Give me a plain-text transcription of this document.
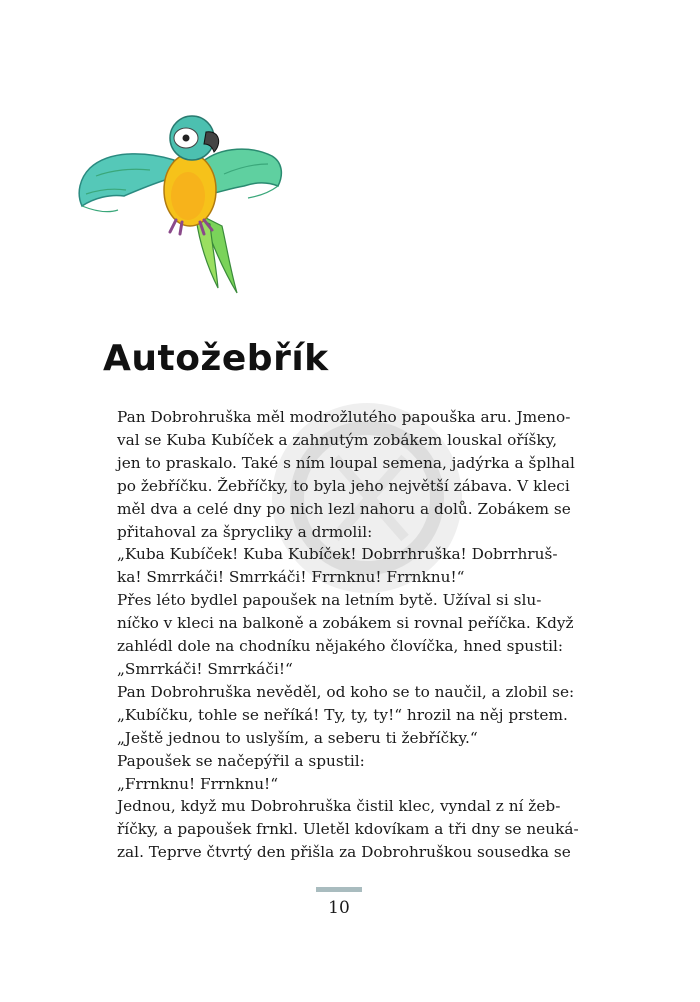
Autožebřík

Pan Dobrohruška měl modrožlutého papouška aru. Jmeno-
val se Kuba Kubíček a zahnutým zobákem louskal oříšky,
jen to praskalo. Také s ním loupal semena, jadýrka a šplhal
po žebříčku. Žebříčky, to byla jeho největší zábava. V kleci
měl dva a celé dny po nich lezl nahoru a dolů. Zobákem se
přitahoval za šprycliky a drmolil:

„Kuba Kubíček! Kuba Kubíček! Dobrrhruška! Dobrrhruš-
ka! Smrrkáči! Smrrkáči! Frrnknu! Frrnknu!“

Přes léto bydlel papoušek na letním bytě. Užíval si slu-
níčko v kleci na balkoně a zobákem si rovnal peříčka. Když
zahlédl dole na chodníku nějakého človíčka, hned spustil:

„Smrrkáči! Smrrkáči!“

Pan Dobrohruška nevěděl, od koho se to naučil, a zlobil se:

„Kubíčku, tohle se neříká! Ty, ty, ty!“ hrozil na něj prstem.
„Ještě jednou to uslyším, a seberu ti žebříčky.“

Papoušek se načepýřil a spustil:

„Frrnknu! Frrnknu!“

Jednou, když mu Dobrohruška čistil klec, vyndal z ní žeb-
říčky, a papoušek frnkl. Uletěl kdovíkam a tři dny se neuká-
zal. Teprve čtvrtý den přišla za Dobrohruškou sousedka se

10
